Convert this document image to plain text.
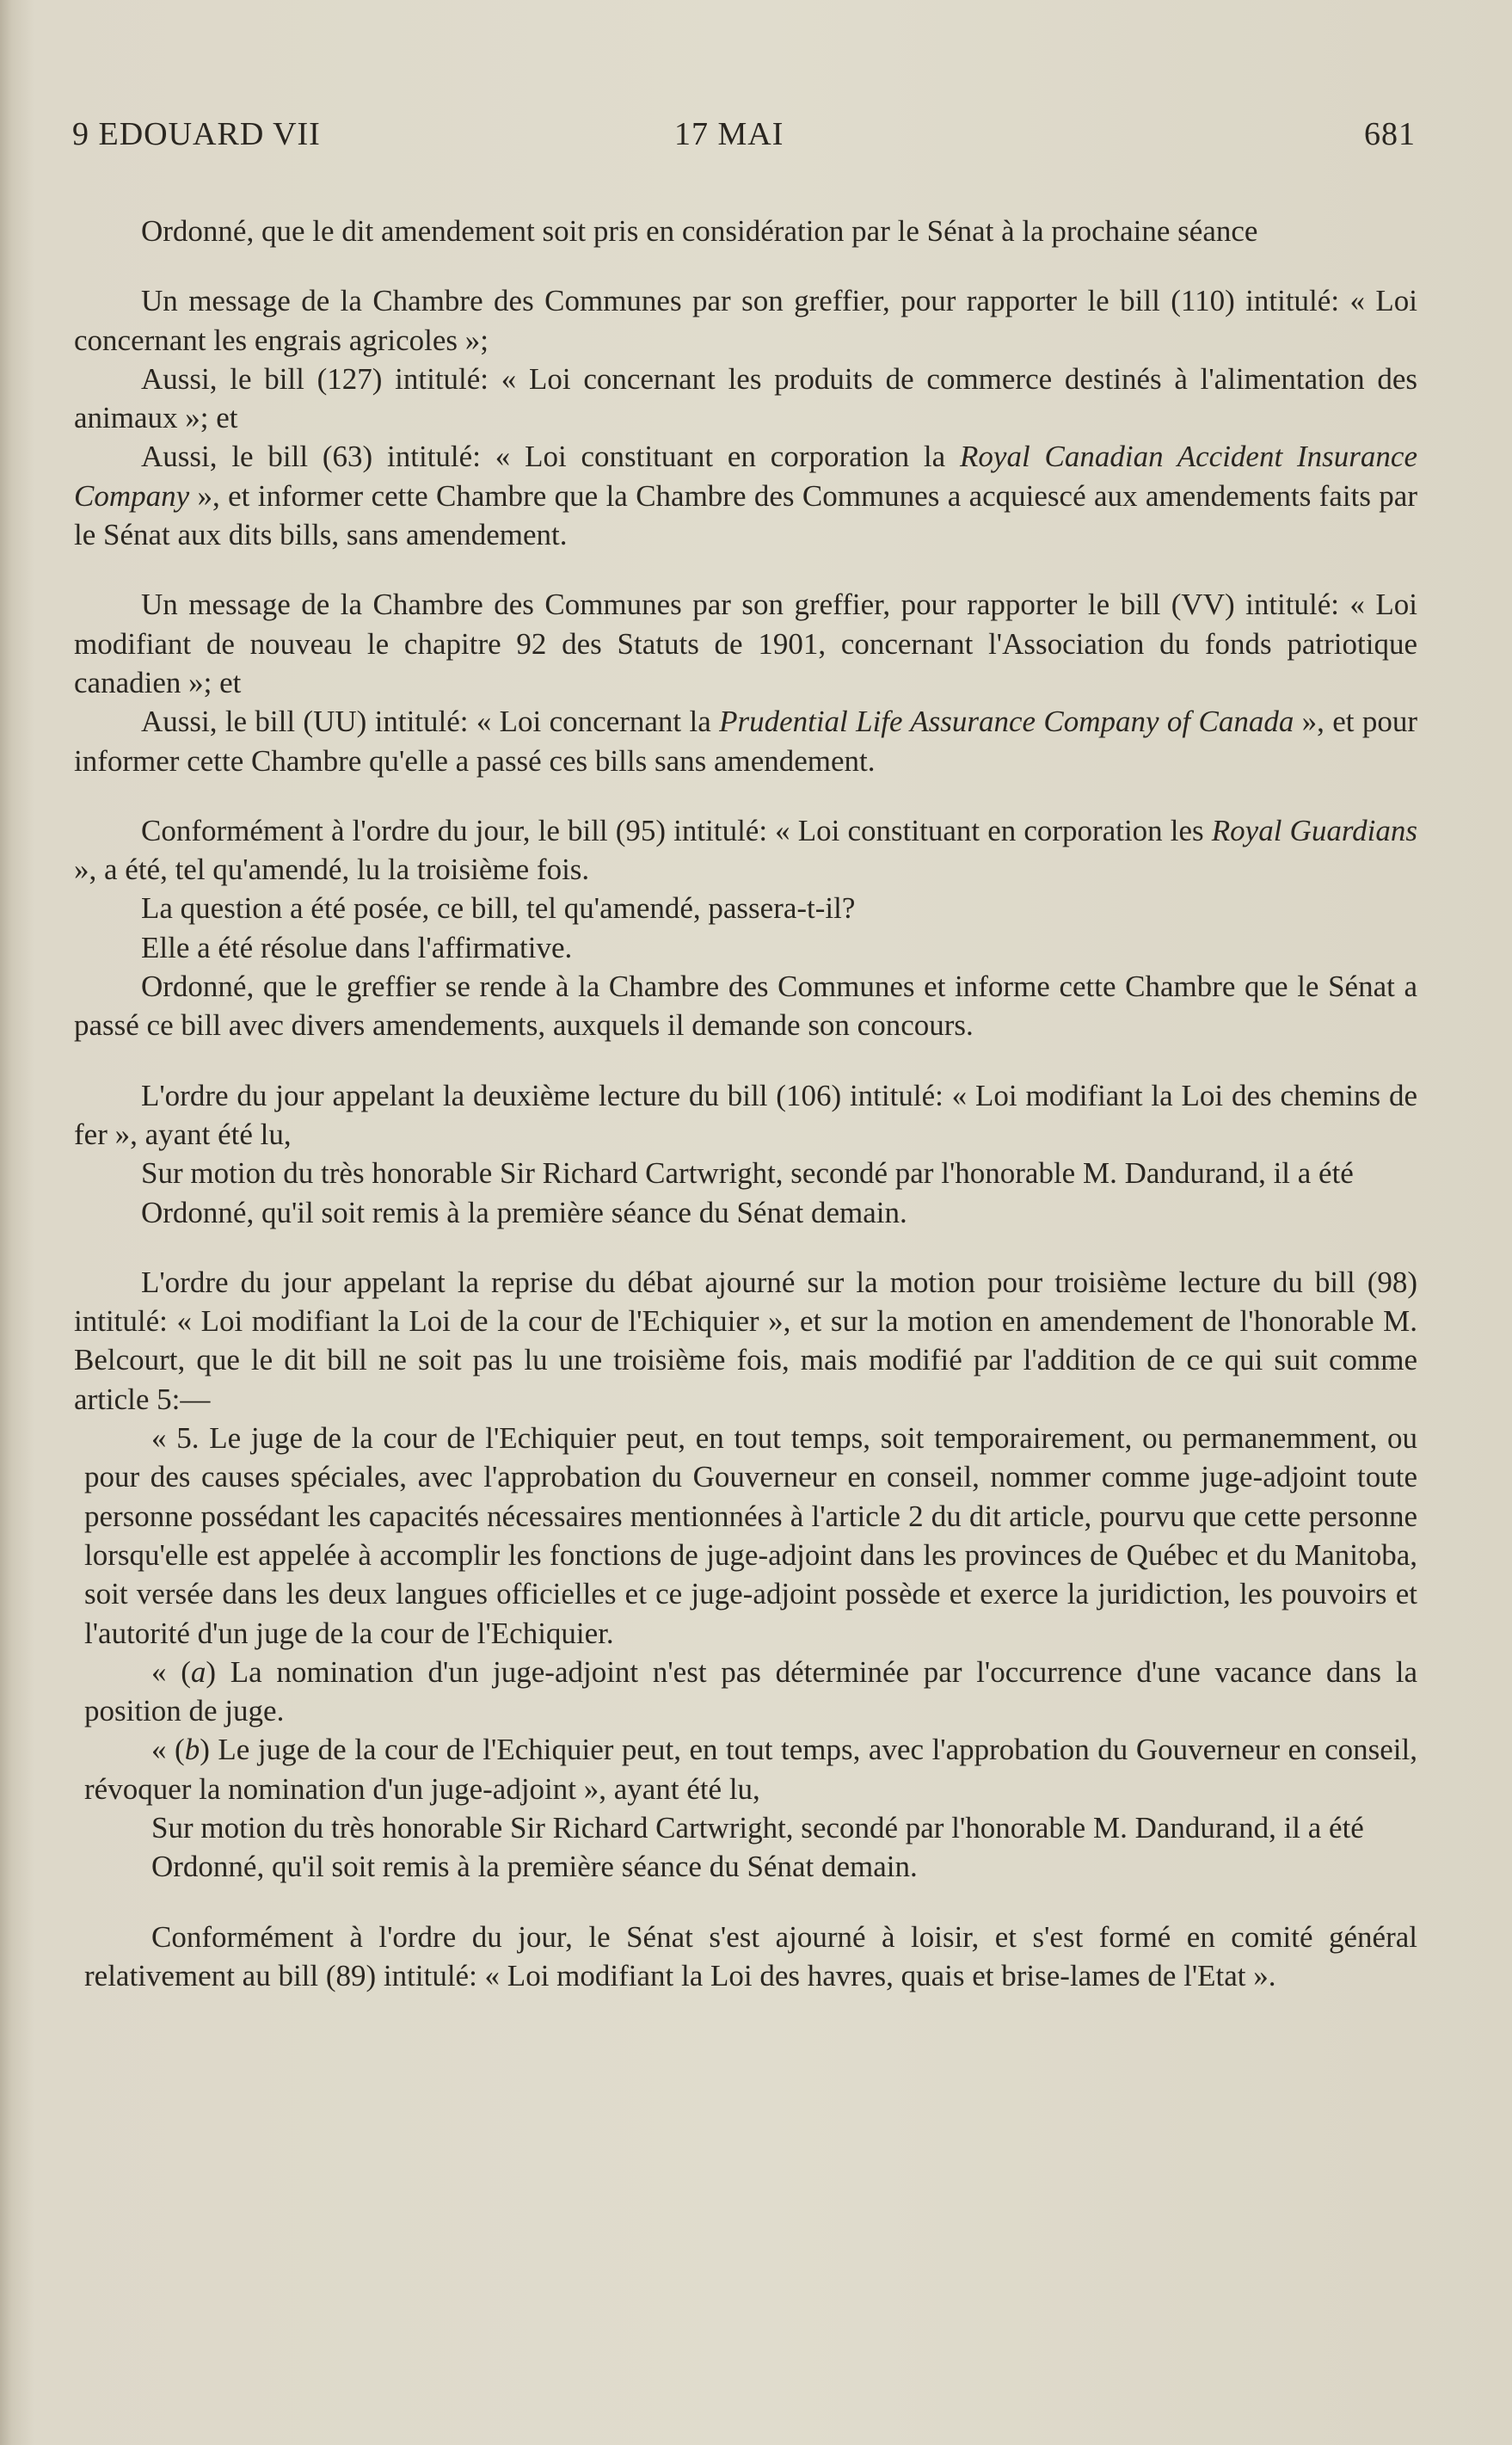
9 EDOUARD VII	17 MAI	681

Ordonné, que le dit amendement soit pris en considération par le Sénat à la prochaine séance

Un message de la Chambre des Communes par son greffier, pour rapporter le bill (110) intitulé: « Loi concernant les engrais agricoles »;

Aussi, le bill (127) intitulé: « Loi concernant les produits de commerce destinés à l'alimentation des animaux »; et

Aussi, le bill (63) intitulé: « Loi constituant en corporation la Royal Canadian Accident Insurance Company », et informer cette Chambre que la Chambre des Communes a acquiescé aux amendements faits par le Sénat aux dits bills, sans amendement.

Un message de la Chambre des Communes par son greffier, pour rapporter le bill (VV) intitulé: « Loi modifiant de nouveau le chapitre 92 des Statuts de 1901, concernant l'Association du fonds patriotique canadien »; et

Aussi, le bill (UU) intitulé: « Loi concernant la Prudential Life Assurance Company of Canada », et pour informer cette Chambre qu'elle a passé ces bills sans amendement.

Conformément à l'ordre du jour, le bill (95) intitulé: « Loi constituant en corporation les Royal Guardians », a été, tel qu'amendé, lu la troisième fois.

La question a été posée, ce bill, tel qu'amendé, passera-t-il?

Elle a été résolue dans l'affirmative.

Ordonné, que le greffier se rende à la Chambre des Communes et informe cette Chambre que le Sénat a passé ce bill avec divers amendements, auxquels il demande son concours.

L'ordre du jour appelant la deuxième lecture du bill (106) intitulé: « Loi modifiant la Loi des chemins de fer », ayant été lu,

Sur motion du très honorable Sir Richard Cartwright, secondé par l'honorable M. Dandurand, il a été

Ordonné, qu'il soit remis à la première séance du Sénat demain.

L'ordre du jour appelant la reprise du débat ajourné sur la motion pour troisième lecture du bill (98) intitulé: « Loi modifiant la Loi de la cour de l'Echiquier », et sur la motion en amendement de l'honorable M. Belcourt, que le dit bill ne soit pas lu une troisième fois, mais modifié par l'addition de ce qui suit comme article 5:—

« 5. Le juge de la cour de l'Echiquier peut, en tout temps, soit temporairement, ou permanemment, ou pour des causes spéciales, avec l'approbation du Gouverneur en conseil, nommer comme juge-adjoint toute personne possédant les capacités nécessaires mentionnées à l'article 2 du dit article, pourvu que cette personne lorsqu'elle est appelée à accomplir les fonctions de juge-adjoint dans les provinces de Québec et du Manitoba, soit versée dans les deux langues officielles et ce juge-adjoint possède et exerce la juridiction, les pouvoirs et l'autorité d'un juge de la cour de l'Echiquier.

« (a) La nomination d'un juge-adjoint n'est pas déterminée par l'occurrence d'une vacance dans la position de juge.

« (b) Le juge de la cour de l'Echiquier peut, en tout temps, avec l'approbation du Gouverneur en conseil, révoquer la nomination d'un juge-adjoint », ayant été lu,

Sur motion du très honorable Sir Richard Cartwright, secondé par l'honorable M. Dandurand, il a été

Ordonné, qu'il soit remis à la première séance du Sénat demain.

Conformément à l'ordre du jour, le Sénat s'est ajourné à loisir, et s'est formé en comité général relativement au bill (89) intitulé: « Loi modifiant la Loi des havres, quais et brise-lames de l'Etat ».
